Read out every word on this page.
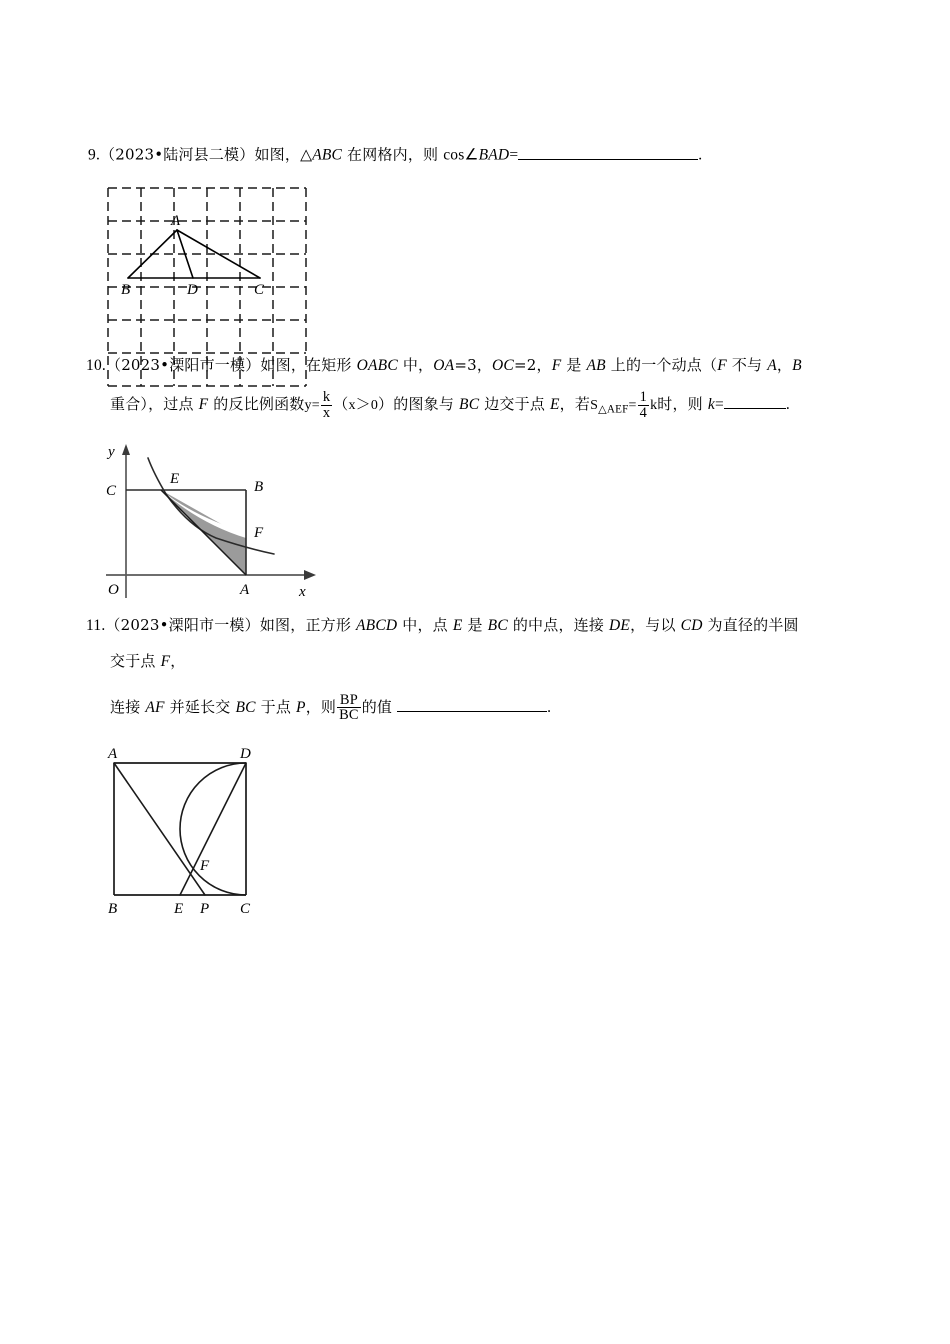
9.（2023•陆河县二模）如图，△ABC 在网格内，则 cos∠BAD=	.
A
B	D	C
10.（2023•溧阳市一模）如图，在矩形 OABC 中，OA=3，OC=2，F 是 AB 上的一个动点（F 不与 A，B
重合），过点 F 的反比例函数$y= \frac{k}{x} (x>0)$的图象与 BC 边交于点 E，若$S_{\triangle AEF}= \frac{1}{4}$ k时，则 k=	.
C
E	B
F
A
O	x
y
11.（2023•溧阳市一模）如图，正方形 ABCD 中，点 E 是 BC 的中点，连接 DE，与以 CD 为直径的半圆
交于点 F，
连接 AF 并延长交 BC 于点 P，则 $\frac{BP}{BC}$ 的值	.
A	D
B	E P C
F
